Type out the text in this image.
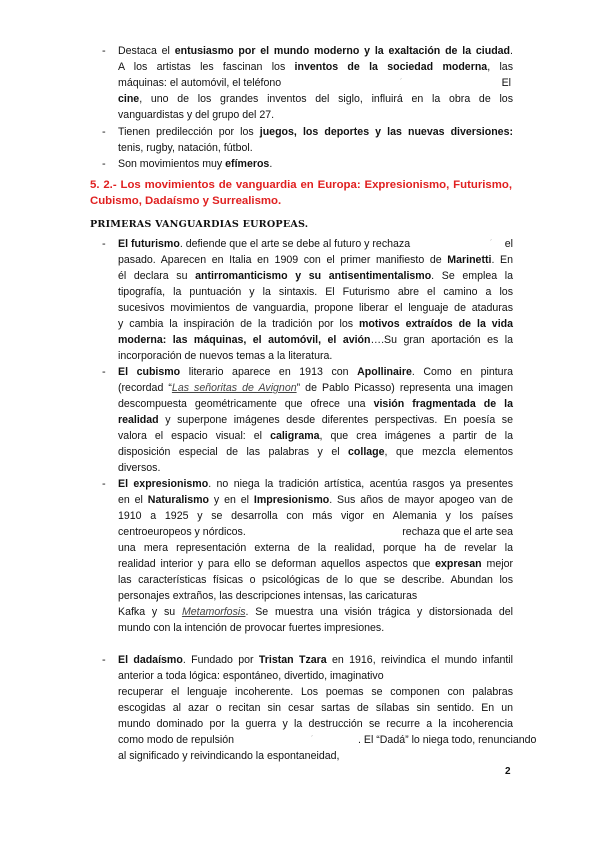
- Destaca el entusiasmo por el mundo moderno y la exaltación de la ciudad.
A los artistas les fascinan los inventos de la sociedad moderna, las
máquinas: el automóvil, el teléfono	´	El
cine, uno de los grandes inventos del siglo, influirá en la obra de los
vanguardistas y del grupo del 27.
- Tienen predilección por los juegos, los deportes y las nuevas diversiones:
tenis, rugby, natación, fútbol.
- Son movimientos muy efímeros.
5. 2.- Los movimientos de vanguardia en Europa: Expresionismo, Futurismo, Cubismo, Dadaísmo y Surrealismo.
PRIMERAS VANGUARDIAS EUROPEAS.
- El futurismo. defiende que el arte se debe al futuro y rechaza	´ el
pasado. Aparecen en Italia en 1909 con el primer manifiesto de Marinetti. En
él declara su antirromanticismo y su antisentimentalismo. Se emplea la
tipografía, la puntuación y la sintaxis. El Futurismo abre el camino a los
sucesivos movimientos de vanguardia, propone liberar el lenguaje de ataduras
y cambia la inspiración de la tradición por los motivos extraídos de la vida
moderna: las máquinas, el automóvil, el avión….Su gran aportación es la
incorporación de nuevos temas a la literatura.
- El cubismo literario aparece en 1913 con Apollinaire. Como en pintura
(recordad “Las señoritas de Avignon” de Pablo Picasso) representa una imagen
descompuesta geométricamente que ofrece una visión fragmentada de la
realidad y superpone imágenes desde diferentes perspectivas. En poesía se
valora el espacio visual: el caligrama, que crea imágenes a partir de la
disposición especial de las palabras y el collage, que mezcla elementos
diversos.
- El expresionismo. no niega la tradición artística, acentúa rasgos ya presentes
en el Naturalismo y en el Impresionismo. Sus años de mayor apogeo van de
1910 a 1925 y se desarrolla con más vigor en Alemania y los países
centroeuropeos y nórdicos.	rechaza que el arte sea
una mera representación externa de la realidad, porque ha de revelar la
realidad interior y para ello se deforman aquellos aspectos que expresan mejor
las características físicas o psicológicas de lo que se describe. Abundan los
personajes extraños, las descripciones intensas, las caricaturas
Kafka y su Metamorfosis. Se muestra una visión trágica y distorsionada del
mundo con la intención de provocar fuertes impresiones.
- El dadaísmo. Fundado por Tristan Tzara en 1916, reivindica el mundo infantil
anterior a toda lógica: espontáneo, divertido, imaginativo
recuperar el lenguaje incoherente. Los poemas se componen con palabras
escogidas al azar o recitan sin cesar sartas de sílabas sin sentido. En un
mundo dominado por la guerra y la destrucción se recurre a la incoherencia
como modo de repulsión	´	. El “Dadá” lo niega todo, renunciando
al significado y reivindicando la espontaneidad,
2
